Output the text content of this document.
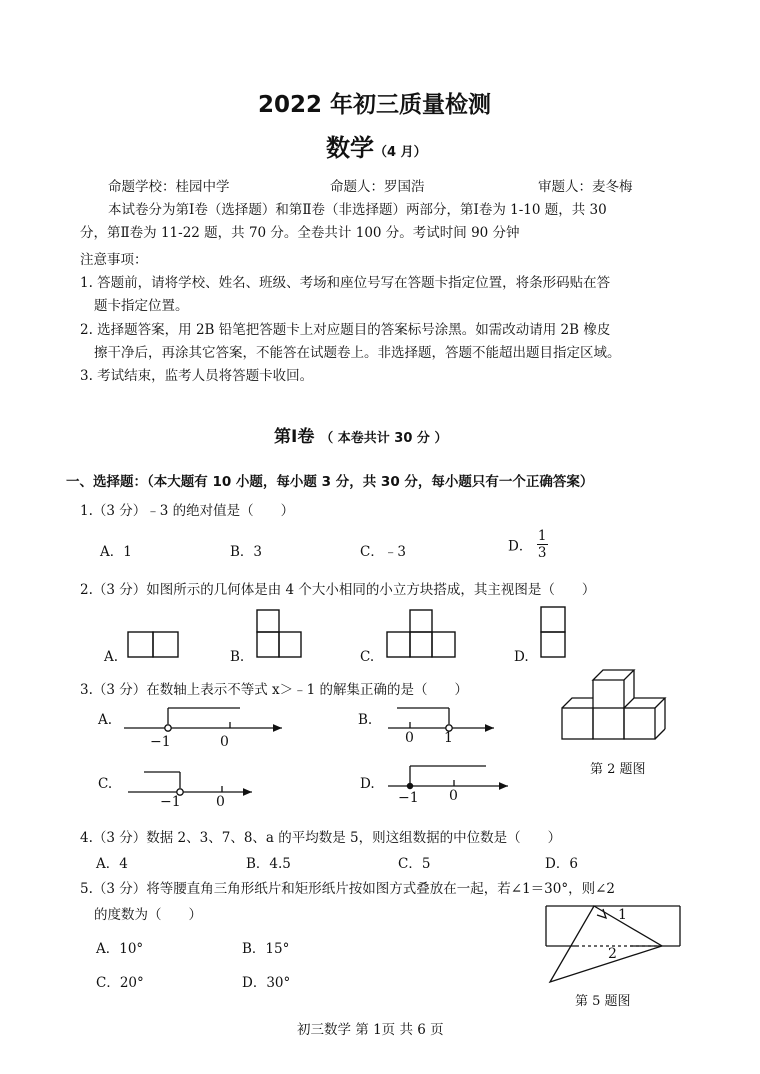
2022 年初三质量检测
数学（4 月）
命题学校：桂园中学	命题人：罗国浩	审题人：麦冬梅
本试卷分为第Ⅰ卷（选择题）和第Ⅱ卷（非选择题）两部分，第Ⅰ卷为 1-10 题，共 30
分，第Ⅱ卷为 11-22 题，共 70 分。全卷共计 100 分。考试时间 90 分钟
注意事项：
1. 答题前，请将学校、姓名、班级、考场和座位号写在答题卡指定位置，将条形码贴在答
题卡指定位置。
2. 选择题答案，用 2B 铅笔把答题卡上对应题目的答案标号涂黑。如需改动请用 2B 橡皮
擦干净后，再涂其它答案，不能答在试题卷上。非选择题，答题不能超出题目指定区域。
3. 考试结束，监考人员将答题卡收回。
第Ⅰ卷 （ 本卷共计 30 分 ）
一、选择题：（本大题有 10 小题，每小题 3 分，共 30 分，每小题只有一个正确答案）
1.（3 分）﹣3 的绝对值是（　　）
A．1	B．3	C．﹣3	D． $\frac{1}{3}$
2.（3 分）如图所示的几何体是由 4 个大小相同的小立方块搭成，其主视图是（　　）
A.	B.	C.	D.
3.（3 分）在数轴上表示不等式 x＞﹣1 的解集正确的是（　　）
A.	B.
C.	D.
−1	0	0 1
−1	0	−1 0
第 2 题图
4.（3 分）数据 2、3、7、8、a 的平均数是 5，则这组数据的中位数是（　　）
A．4	B．4.5	C．5	D．6
5.（3 分）将等腰直角三角形纸片和矩形纸片按如图方式叠放在一起，若∠1＝30°，则∠2
的度数为（　　）
A．10°	B．15°
C．20°	D．30°
1
2
第 5 题图
初三数学 第 1页 共 6 页
